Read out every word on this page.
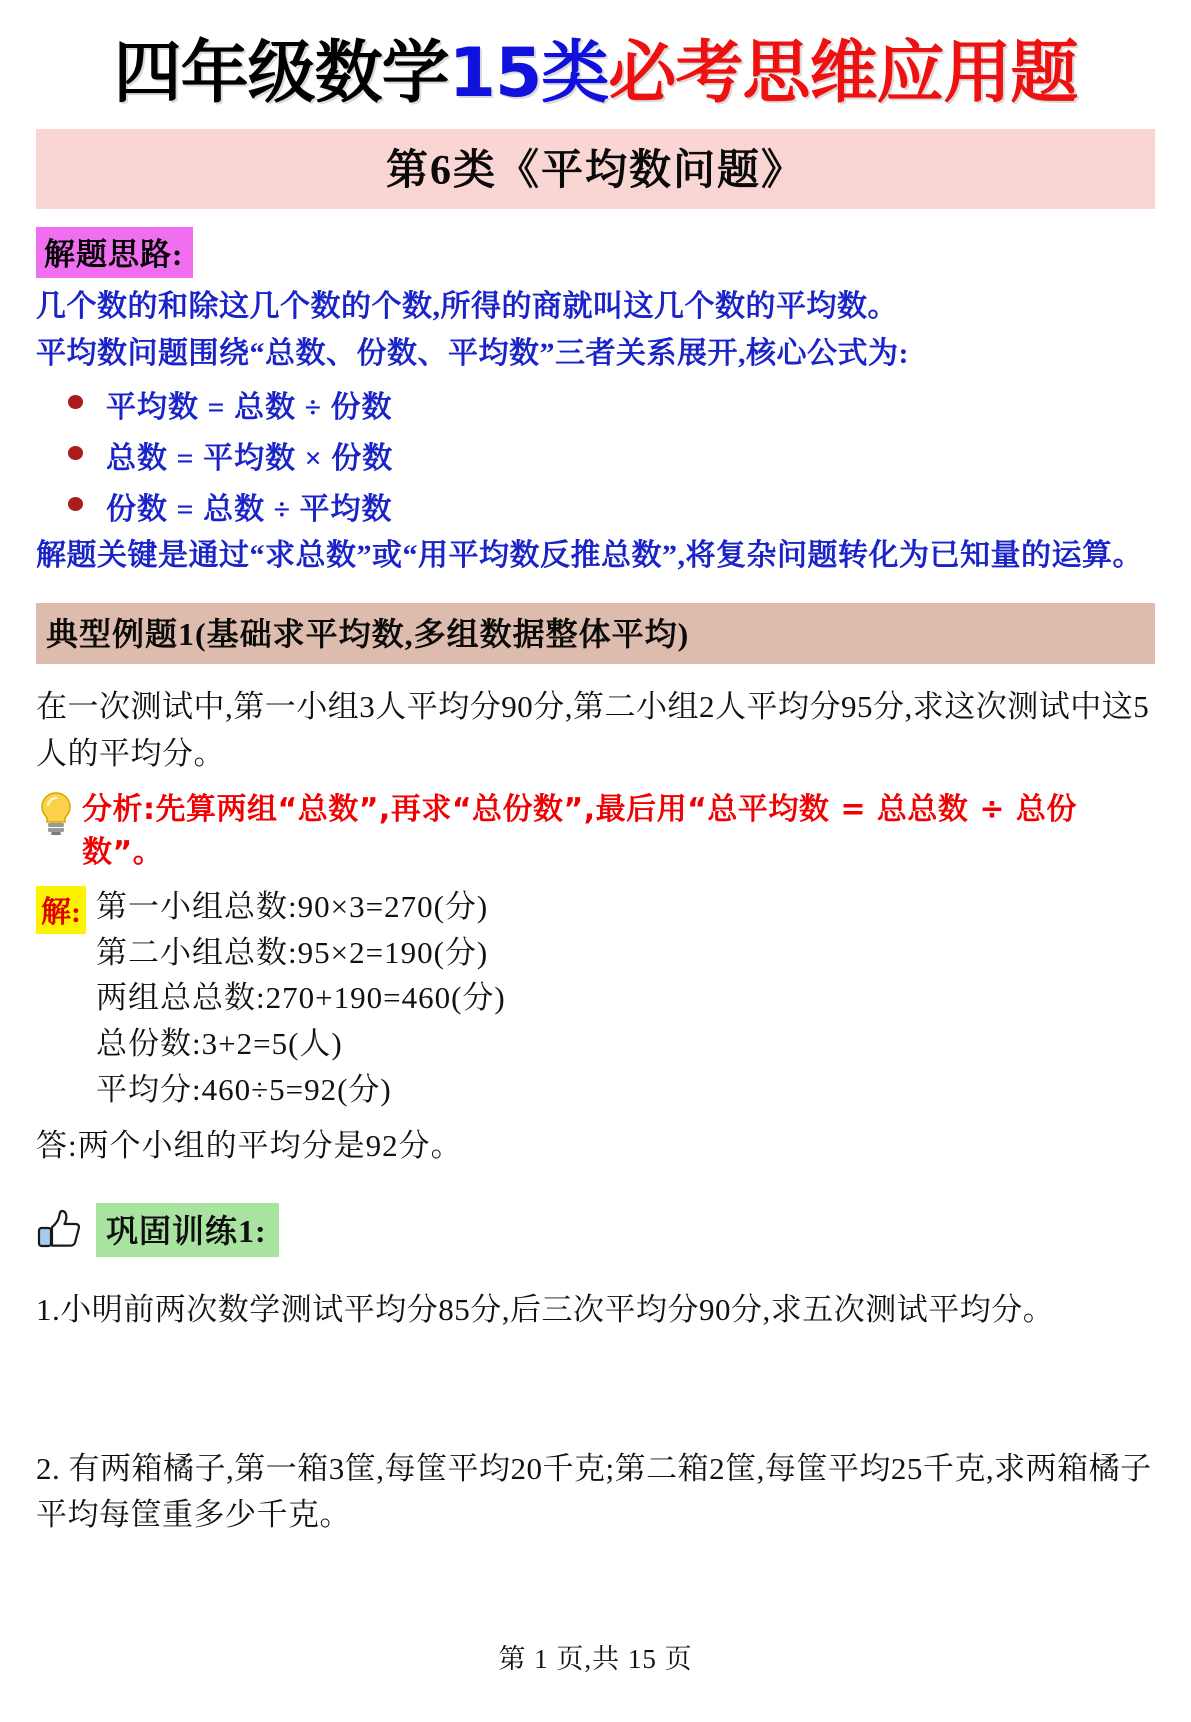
四年级数学15类必考思维应用题
第6类《平均数问题》
解题思路:
几个数的和除这几个数的个数,所得的商就叫这几个数的平均数。
平均数问题围绕“总数、份数、平均数”三者关系展开,核心公式为:
平均数 = 总数 ÷ 份数
总数 = 平均数 × 份数
份数 = 总数 ÷ 平均数
解题关键是通过“求总数”或“用平均数反推总数”,将复杂问题转化为已知量的运算。
典型例题1(基础求平均数,多组数据整体平均)
在一次测试中,第一小组3人平均分90分,第二小组2人平均分95分,求这次测试中这5人的平均分。
分析:先算两组“总数”,再求“总份数”,最后用“总平均数 = 总总数 ÷ 总份数”。
解: 第一小组总数:90×3=270(分)
第二小组总数:95×2=190(分)
两组总总数:270+190=460(分)
总份数:3+2=5(人)
平均分:460÷5=92(分)
答:两个小组的平均分是92分。
巩固训练1:
1.小明前两次数学测试平均分85分,后三次平均分90分,求五次测试平均分。
2. 有两箱橘子,第一箱3筐,每筐平均20千克;第二箱2筐,每筐平均25千克,求两箱橘子平均每筐重多少千克。
第 1 页,共 15 页
